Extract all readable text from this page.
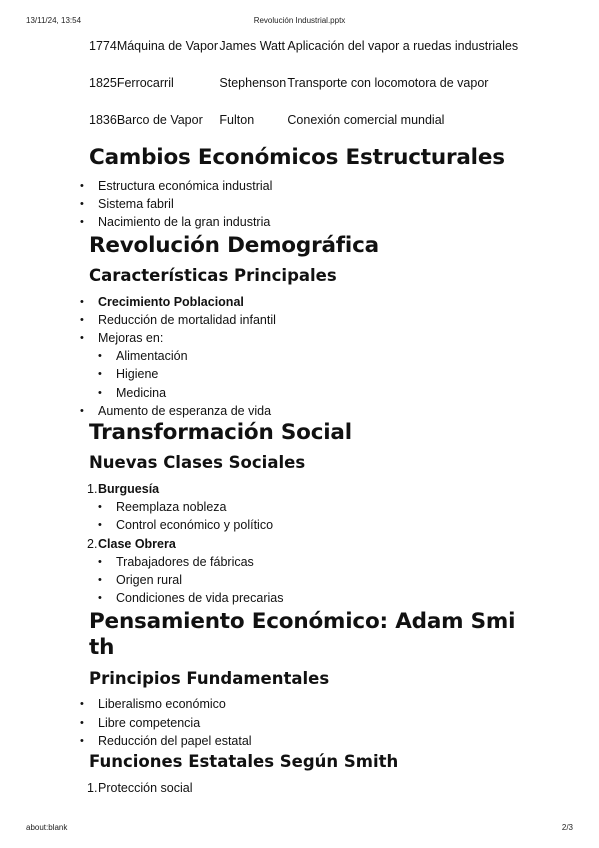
13/11/24, 13:54	Revolución Industrial.pptx
1774	Máquina de Vapor	James Watt	Aplicación del vapor a ruedas industriales
1825	Ferrocarril	Stephenson	Transporte con locomotora de vapor
1836	Barco de Vapor	Fulton	Conexión comercial mundial
Cambios Económicos Estructurales
• Estructura económica industrial
• Sistema fabril
• Nacimiento de la gran industria
Revolución Demográfica
Características Principales
• Crecimiento Poblacional
• Reducción de mortalidad infantil
• Mejoras en:
• Alimentación
• Higiene
• Medicina
• Aumento de esperanza de vida
Transformación Social
Nuevas Clases Sociales
1. Burguesía
• Reemplaza nobleza
• Control económico y político
2. Clase Obrera
• Trabajadores de fábricas
• Origen rural
• Condiciones de vida precarias
Pensamiento Económico: Adam Smi
th
Principios Fundamentales
• Liberalismo económico
• Libre competencia
• Reducción del papel estatal
Funciones Estatales Según Smith
1. Protección social
about:blank	2/3
